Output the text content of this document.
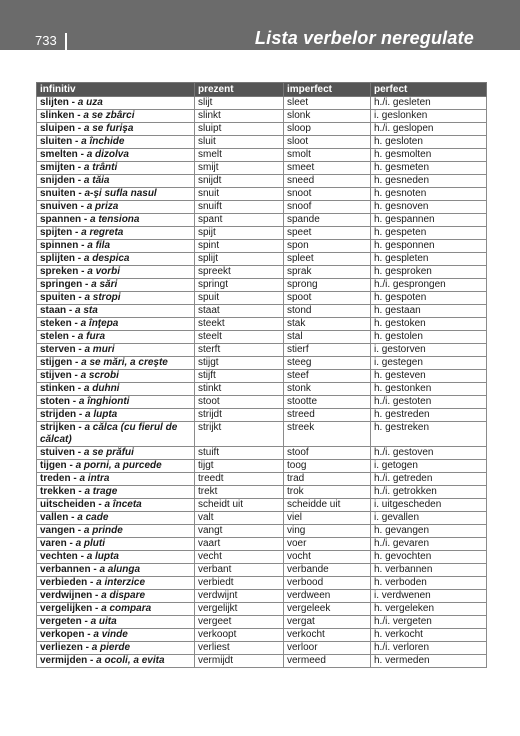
733	Lista verbelor neregulate
infinitiv	prezent	imperfect	perfect
slijten - a uza	slijt	sleet	h./i. gesleten
slinken - a se zbârci	slinkt	slonk	i. geslonken
sluipen - a se furişa	sluipt	sloop	h./i. geslopen
sluiten - a închide	sluit	sloot	h. gesloten
smelten - a dizolva	smelt	smolt	h. gesmolten
smijten - a trânti	smijt	smeet	h. gesmeten
snijden - a tăia	snijdt	sneed	h. gesneden
snuiten - a-şi sufla nasul	snuit	snoot	h. gesnoten
snuiven - a priza	snuift	snoof	h. gesnoven
spannen - a tensiona	spant	spande	h. gespannen
spijten - a regreta	spijt	speet	h. gespeten
spinnen - a fila	spint	spon	h. gesponnen
splijten - a despica	splijt	spleet	h. gespleten
spreken - a vorbi	spreekt	sprak	h. gesproken
springen - a sări	springt	sprong	h./i. gesprongen
spuiten - a stropi	spuit	spoot	h. gespoten
staan - a sta	staat	stond	h. gestaan
steken - a înţepa	steekt	stak	h. gestoken
stelen - a fura	steelt	stal	h. gestolen
sterven - a muri	sterft	stierf	i. gestorven
stijgen - a se mări, a creşte	stijgt	steeg	i. gestegen
stijven - a scrobi	stijft	steef	h. gesteven
stinken - a duhni	stinkt	stonk	h. gestonken
stoten - a înghionti	stoot	stootte	h./i. gestoten
strijden - a lupta	strijdt	streed	h. gestreden
strijken - a călca (cu fierul de călcat)	strijkt	streek	h. gestreken
stuiven - a se prăfui	stuift	stoof	h./i. gestoven
tijgen - a porni, a purcede	tijgt	toog	i. getogen
treden - a intra	treedt	trad	h./i. getreden
trekken - a trage	trekt	trok	h./i. getrokken
uitscheiden - a înceta	scheidt uit	scheidde uit	i. uitgescheden
vallen - a cade	valt	viel	i. gevallen
vangen - a prinde	vangt	ving	h. gevangen
varen - a pluti	vaart	voer	h./i. gevaren
vechten - a lupta	vecht	vocht	h. gevochten
verbannen - a alunga	verbant	verbande	h. verbannen
verbieden - a interzice	verbiedt	verbood	h. verboden
verdwijnen - a dispare	verdwijnt	verdween	i. verdwenen
vergelijken - a compara	vergelijkt	vergeleek	h. vergeleken
vergeten - a uita	vergeet	vergat	h./i. vergeten
verkopen - a vinde	verkoopt	verkocht	h. verkocht
verliezen - a pierde	verliest	verloor	h./i. verloren
vermijden - a ocoli, a evita	vermijdt	vermeed	h. vermeden
